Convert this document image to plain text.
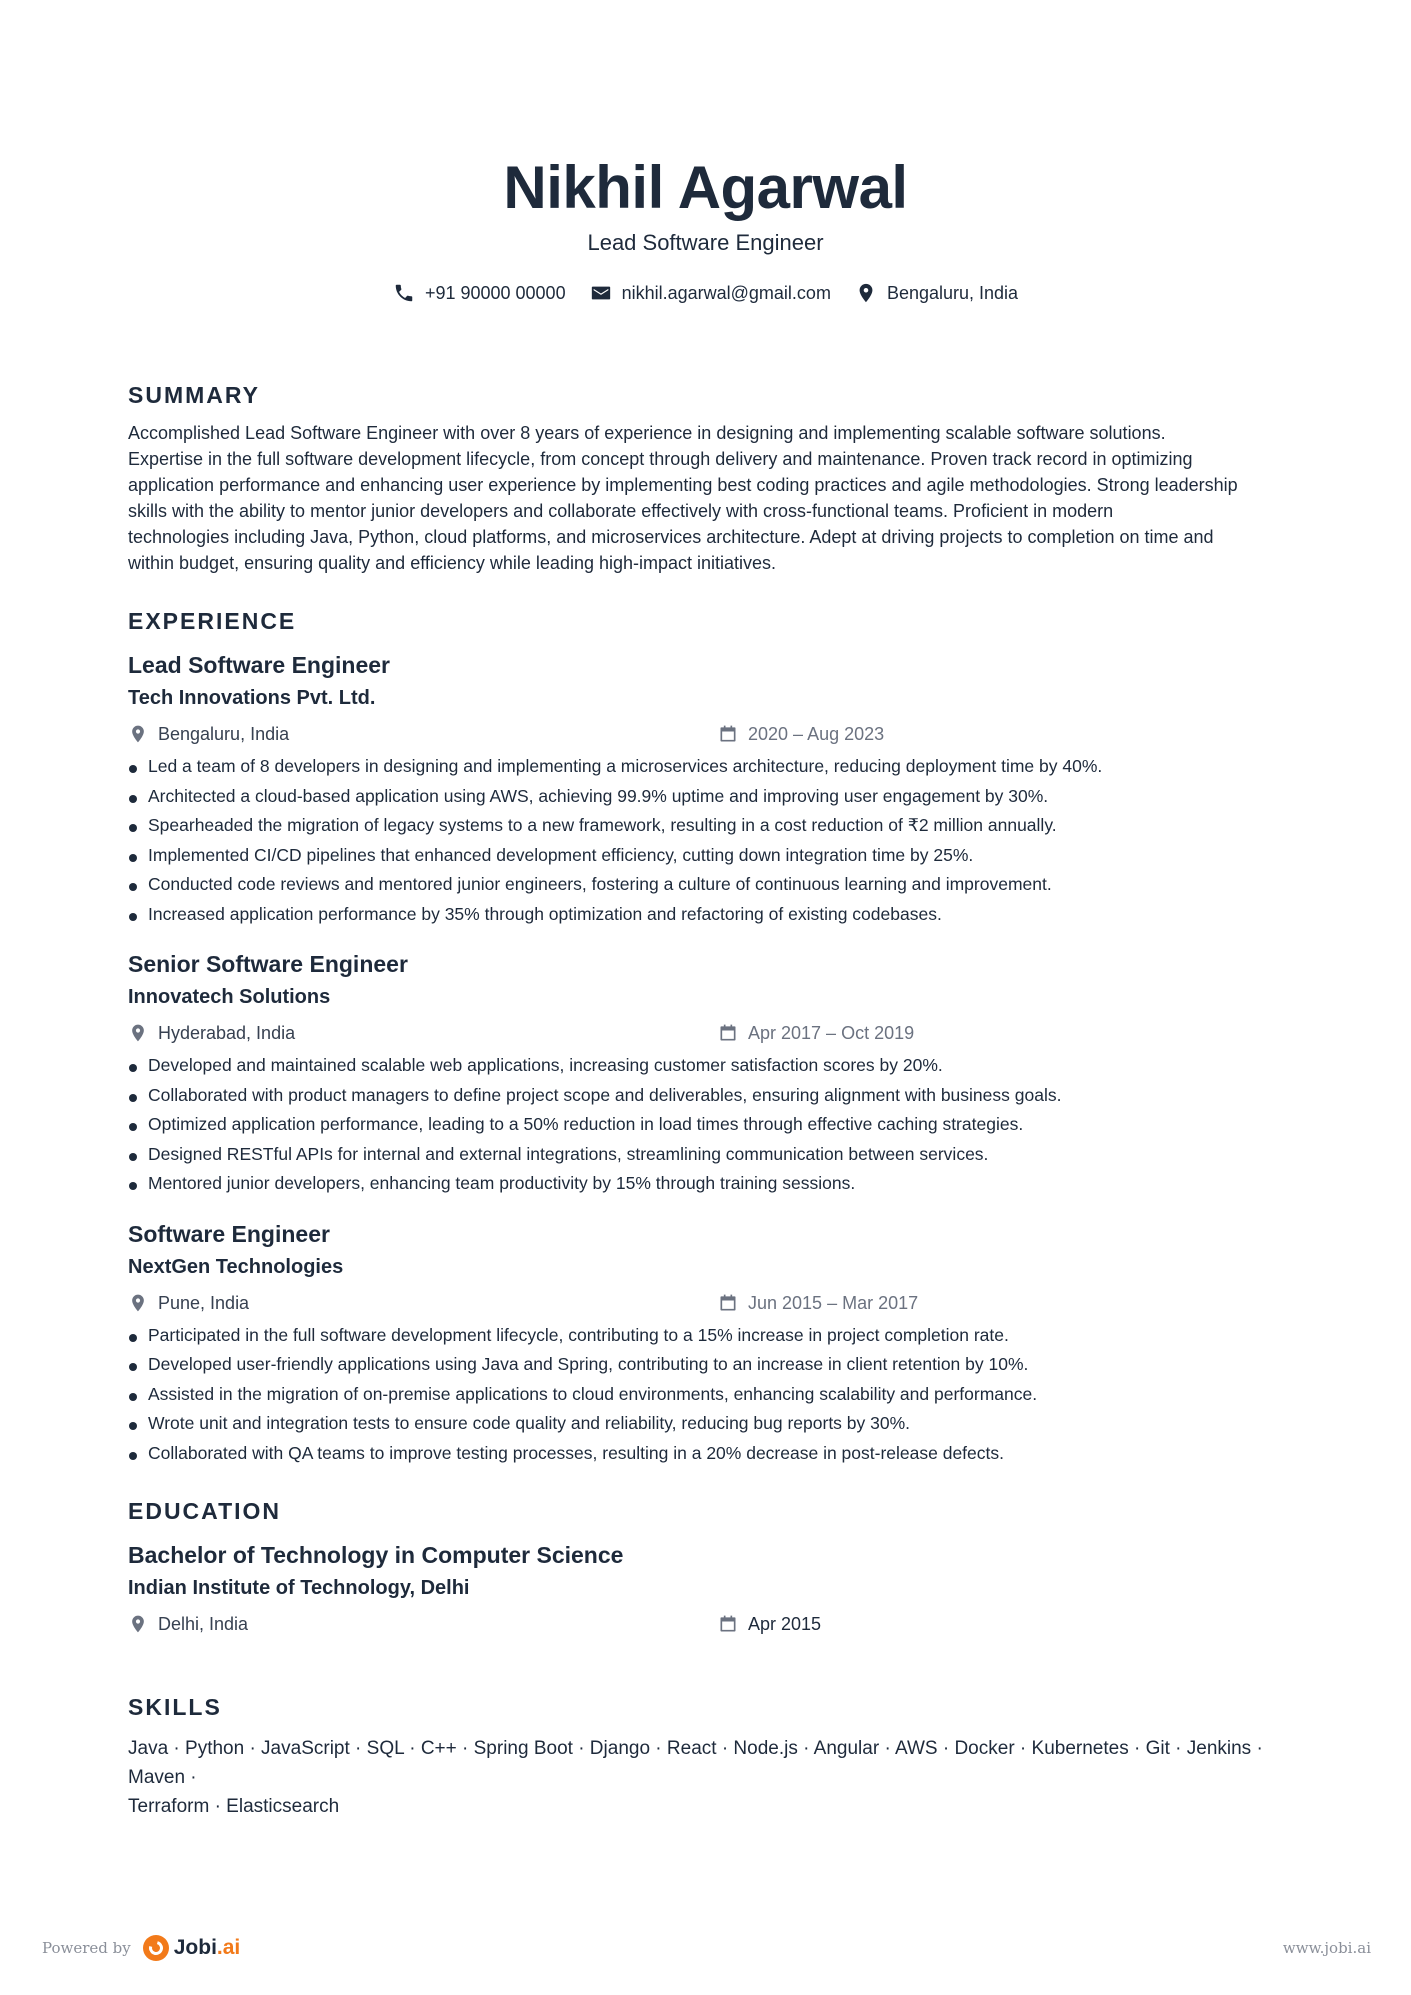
Nikhil Agarwal
Lead Software Engineer
+91 90000 00000	nikhil.agarwal@gmail.com	Bengaluru, India
SUMMARY
Accomplished Lead Software Engineer with over 8 years of experience in designing and implementing scalable software solutions.
Expertise in the full software development lifecycle, from concept through delivery and maintenance. Proven track record in optimizing
application performance and enhancing user experience by implementing best coding practices and agile methodologies. Strong leadership
skills with the ability to mentor junior developers and collaborate effectively with cross-functional teams. Proficient in modern
technologies including Java, Python, cloud platforms, and microservices architecture. Adept at driving projects to completion on time and
within budget, ensuring quality and efficiency while leading high-impact initiatives.
EXPERIENCE
Lead Software Engineer
Tech Innovations Pvt. Ltd.
Bengaluru, India	2020 – Aug 2023
Led a team of 8 developers in designing and implementing a microservices architecture, reducing deployment time by 40%.
Architected a cloud-based application using AWS, achieving 99.9% uptime and improving user engagement by 30%.
Spearheaded the migration of legacy systems to a new framework, resulting in a cost reduction of ₹2 million annually.
Implemented CI/CD pipelines that enhanced development efficiency, cutting down integration time by 25%.
Conducted code reviews and mentored junior engineers, fostering a culture of continuous learning and improvement.
Increased application performance by 35% through optimization and refactoring of existing codebases.
Senior Software Engineer
Innovatech Solutions
Hyderabad, India	Apr 2017 – Oct 2019
Developed and maintained scalable web applications, increasing customer satisfaction scores by 20%.
Collaborated with product managers to define project scope and deliverables, ensuring alignment with business goals.
Optimized application performance, leading to a 50% reduction in load times through effective caching strategies.
Designed RESTful APIs for internal and external integrations, streamlining communication between services.
Mentored junior developers, enhancing team productivity by 15% through training sessions.
Software Engineer
NextGen Technologies
Pune, India	Jun 2015 – Mar 2017
Participated in the full software development lifecycle, contributing to a 15% increase in project completion rate.
Developed user-friendly applications using Java and Spring, contributing to an increase in client retention by 10%.
Assisted in the migration of on-premise applications to cloud environments, enhancing scalability and performance.
Wrote unit and integration tests to ensure code quality and reliability, reducing bug reports by 30%.
Collaborated with QA teams to improve testing processes, resulting in a 20% decrease in post-release defects.
EDUCATION
Bachelor of Technology in Computer Science
Indian Institute of Technology, Delhi
Delhi, India	Apr 2015
SKILLS
Java · Python · JavaScript · SQL · C++ · Spring Boot · Django · React · Node.js · Angular · AWS · Docker · Kubernetes · Git · Jenkins · Maven ·
Terraform · Elasticsearch
Powered by Jobi .ai	www.jobi.ai
